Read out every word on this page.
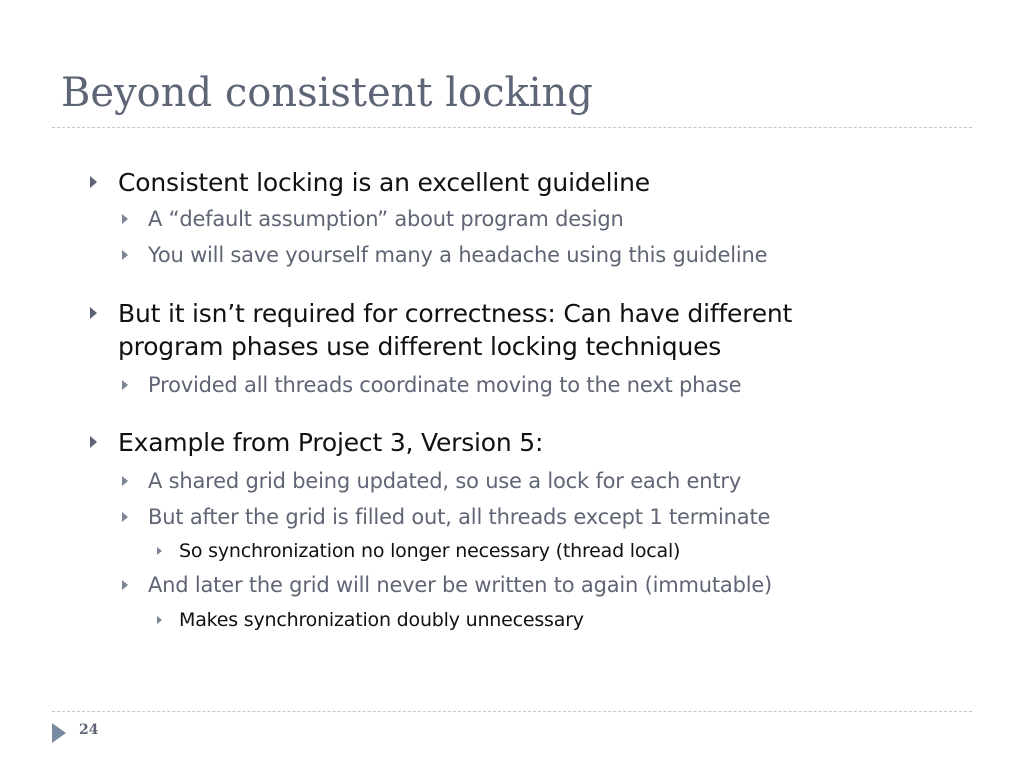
Beyond consistent locking
Consistent locking is an excellent guideline
A “default assumption” about program design
You will save yourself many a headache using this guideline
But it isn’t required for correctness: Can have different
program phases use different locking techniques
Provided all threads coordinate moving to the next phase
Example from Project 3, Version 5:
A shared grid being updated, so use a lock for each entry
But after the grid is filled out, all threads except 1 terminate
So synchronization no longer necessary (thread local)
And later the grid will never be written to again (immutable)
Makes synchronization doubly unnecessary
24
